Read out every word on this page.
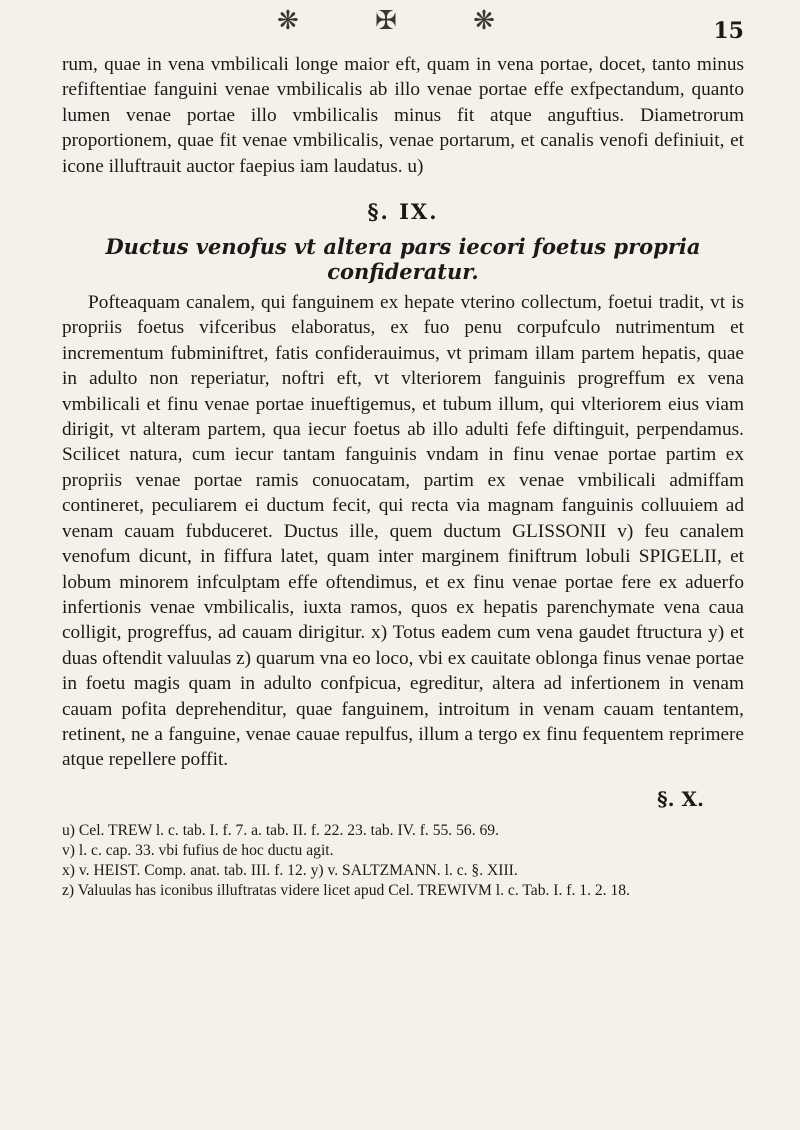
❋ ✠ ❋	15

rum, quae in vena vmbilicali longe maior eft, quam in vena portae, docet, tanto minus refiftentiae fanguini venae vmbilicalis ab illo venae portae effe exfpectandum, quanto lumen venae portae illo vmbilicalis minus fit atque anguftius. Diametrorum proportionem, quae fit venae vmbilicalis, venae portarum, et canalis venofi definiuit, et icone illuftrauit auctor faepius iam laudatus. u)

§. IX.
Ductus venofus vt altera pars iecori foetus propria confideratur.

Pofteaquam canalem, qui fanguinem ex hepate vterino collectum, foetui tradit, vt is propriis foetus vifceribus elaboratus, ex fuo penu corpufculo nutrimentum et incrementum fubminiftret, fatis confiderauimus, vt primam illam partem hepatis, quae in adulto non reperiatur, noftri eft, vt vlteriorem fanguinis progreffum ex vena vmbilicali et finu venae portae inueftigemus, et tubum illum, qui vlteriorem eius viam dirigit, vt alteram partem, qua iecur foetus ab illo adulti fefe diftinguit, perpendamus. Scilicet natura, cum iecur tantam fanguinis vndam in finu venae portae partim ex propriis venae portae ramis conuocatam, partim ex venae vmbilicali admiffam contineret, peculiarem ei ductum fecit, qui recta via magnam fanguinis colluuiem ad venam cauam fubduceret. Ductus ille, quem ductum GLISSONII v) feu canalem venofum dicunt, in fiffura latet, quam inter marginem finiftrum lobuli SPIGELII, et lobum minorem infculptam effe oftendimus, et ex finu venae portae fere ex aduerfo infertionis venae vmbilicalis, iuxta ramos, quos ex hepatis parenchymate vena caua colligit, progreffus, ad cauam dirigitur. x) Totus eadem cum vena gaudet ftructura y) et duas oftendit valuulas z) quarum vna eo loco, vbi ex cauitate oblonga finus venae portae in foetu magis quam in adulto confpicua, egreditur, altera ad infertionem in venam cauam pofita deprehenditur, quae fanguinem, introitum in venam cauam tentantem, retinent, ne a fanguine, venae cauae repulfus, illum a tergo ex finu fequentem reprimere atque repellere poffit.

§. X.
u) Cel. TREW l. c. tab. I. f. 7. a. tab. II. f. 22. 23. tab. IV. f. 55. 56. 69.
v) l. c. cap. 33. vbi fufius de hoc ductu agit.
x) v. HEIST. Comp. anat. tab. III. f. 12. y) v. SALTZMANN. l. c. §. XIII.
z) Valuulas has iconibus illuftratas videre licet apud Cel. TREWIVM l. c. Tab. I. f. 1. 2. 18.
